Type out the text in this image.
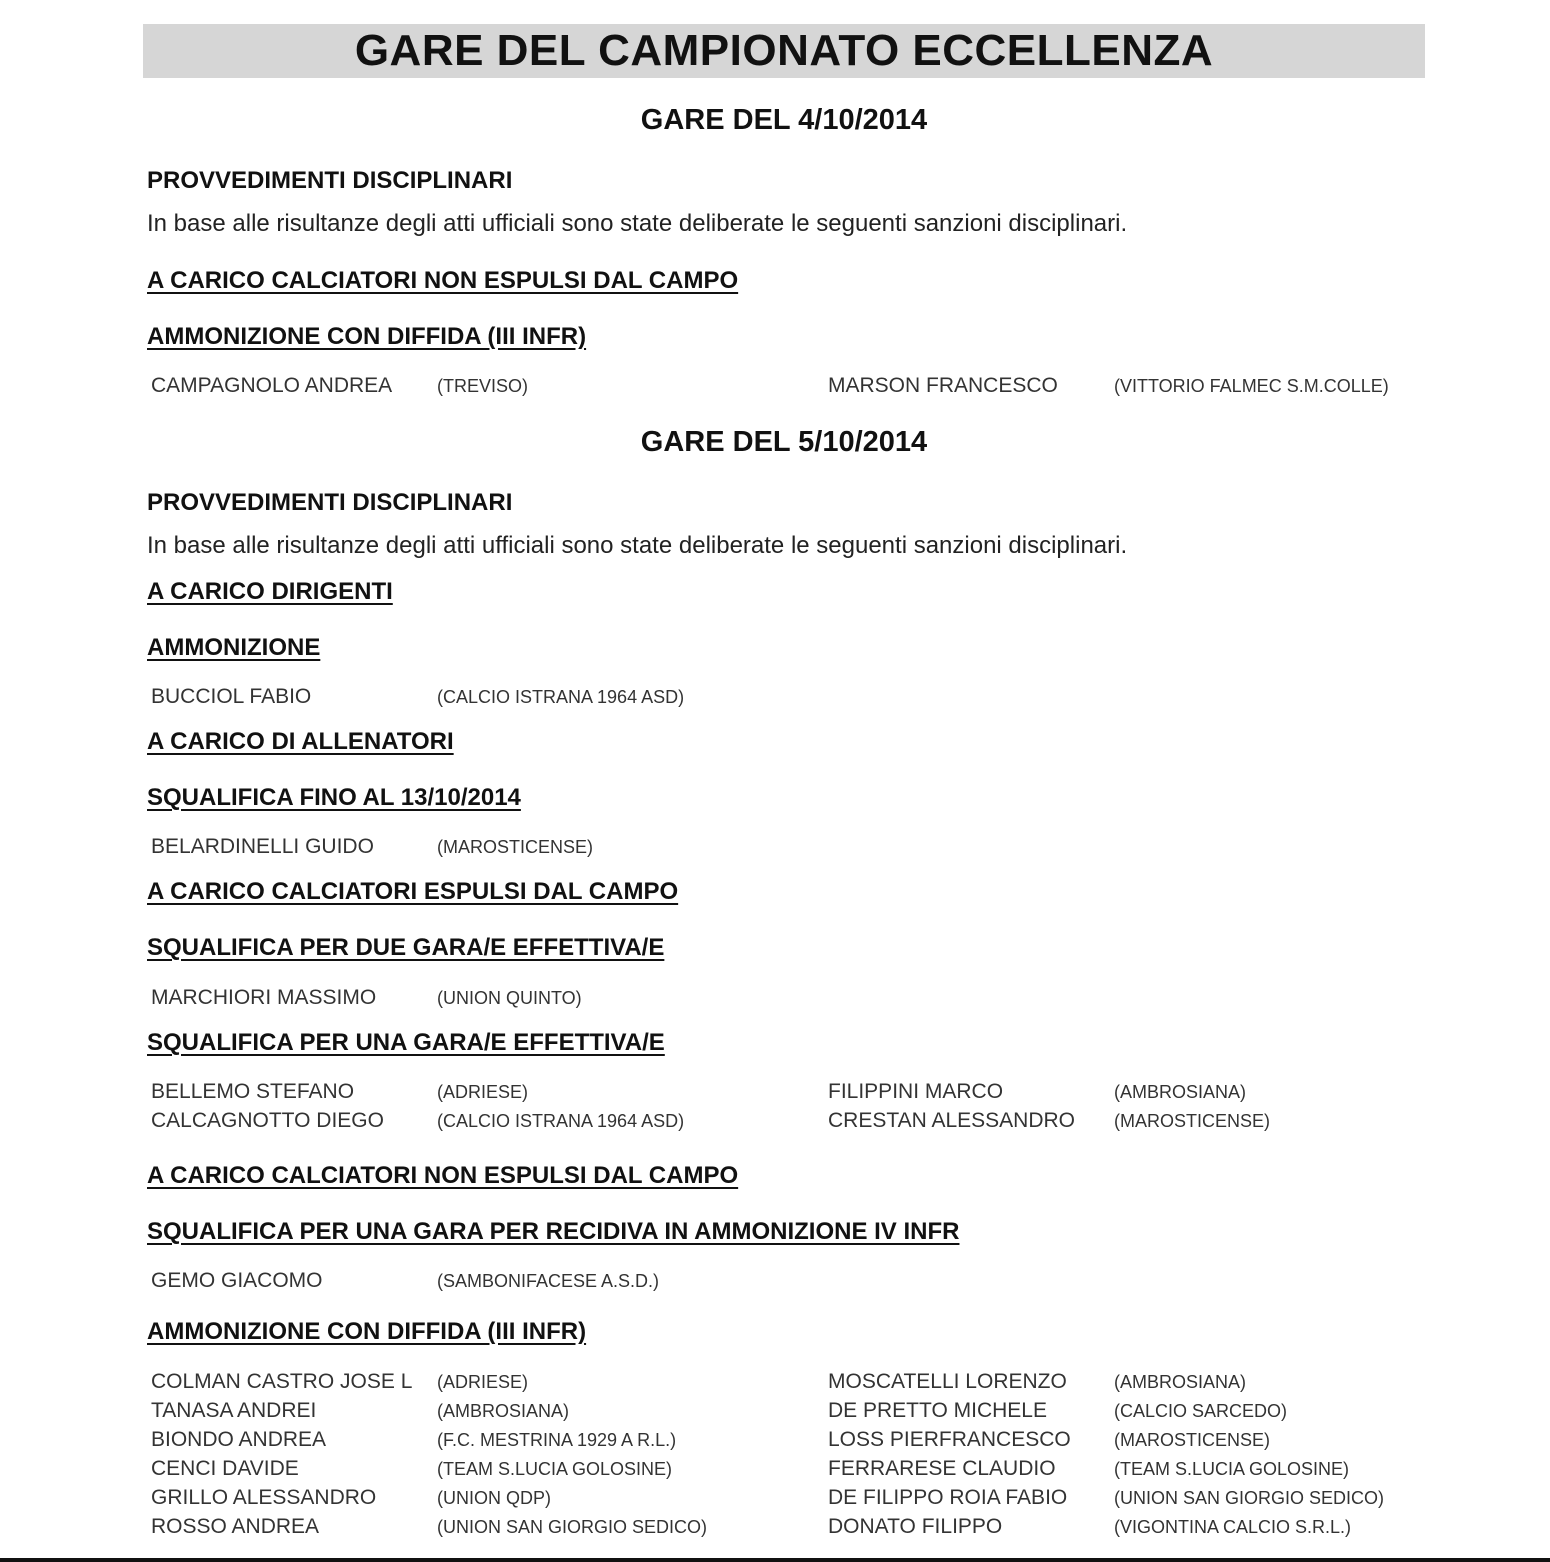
GARE DEL CAMPIONATO ECCELLENZA
GARE DEL 4/10/2014
PROVVEDIMENTI DISCIPLINARI
In base alle risultanze degli atti ufficiali sono state deliberate le seguenti sanzioni disciplinari.
A CARICO CALCIATORI NON ESPULSI DAL CAMPO
AMMONIZIONE CON DIFFIDA (III INFR)
CAMPAGNOLO ANDREA (TREVISO)	MARSON FRANCESCO	(VITTORIO FALMEC S.M.COLLE)
GARE DEL 5/10/2014
PROVVEDIMENTI DISCIPLINARI
In base alle risultanze degli atti ufficiali sono state deliberate le seguenti sanzioni disciplinari.
A CARICO DIRIGENTI
AMMONIZIONE
BUCCIOL FABIO	(CALCIO ISTRANA 1964 ASD)
A CARICO DI ALLENATORI
SQUALIFICA FINO AL 13/10/2014
BELARDINELLI GUIDO	(MAROSTICENSE)
A CARICO CALCIATORI ESPULSI DAL CAMPO
SQUALIFICA PER DUE GARA/E EFFETTIVA/E
MARCHIORI MASSIMO	(UNION QUINTO)
SQUALIFICA PER UNA GARA/E EFFETTIVA/E
BELLEMO STEFANO	(ADRIESE)	FILIPPINI MARCO	(AMBROSIANA)
CALCAGNOTTO DIEGO	(CALCIO ISTRANA 1964 ASD)	CRESTAN ALESSANDRO (MAROSTICENSE)
A CARICO CALCIATORI NON ESPULSI DAL CAMPO
SQUALIFICA PER UNA GARA PER RECIDIVA IN AMMONIZIONE IV INFR
GEMO GIACOMO	(SAMBONIFACESE A.S.D.)
AMMONIZIONE CON DIFFIDA (III INFR)
COLMAN CASTRO JOSE L (ADRIESE)	MOSCATELLI LORENZO	(AMBROSIANA)
TANASA ANDREI	(AMBROSIANA)	DE PRETTO MICHELE	(CALCIO SARCEDO)
BIONDO ANDREA	(F.C. MESTRINA 1929 A R.L.)	LOSS PIERFRANCESCO (MAROSTICENSE)
CENCI DAVIDE	(TEAM S.LUCIA GOLOSINE)	FERRARESE CLAUDIO	(TEAM S.LUCIA GOLOSINE)
GRILLO ALESSANDRO	(UNION QDP)	DE FILIPPO ROIA FABIO	(UNION SAN GIORGIO SEDICO)
ROSSO ANDREA	(UNION SAN GIORGIO SEDICO)	DONATO FILIPPO	(VIGONTINA CALCIO S.R.L.)
